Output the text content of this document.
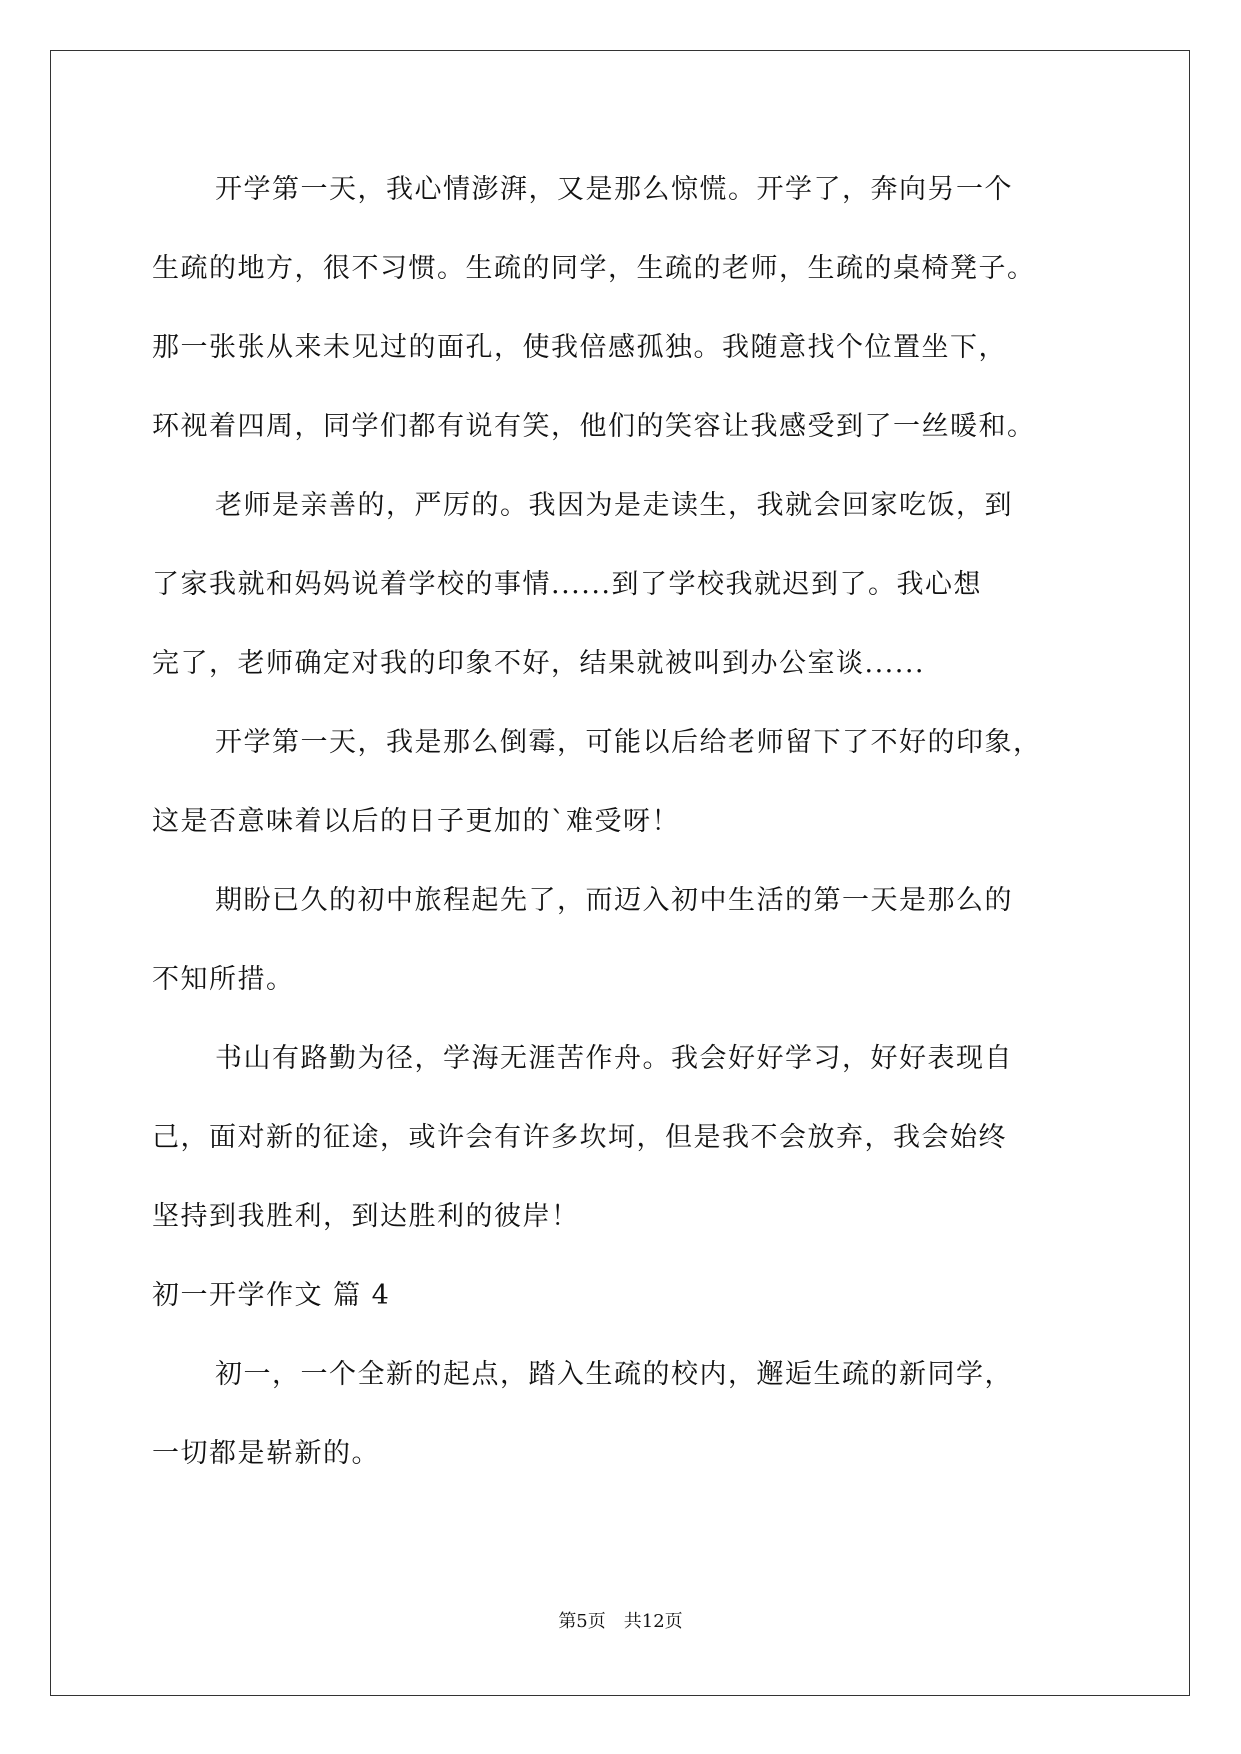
开学第一天，我心情澎湃，又是那么惊慌。开学了，奔向另一个
生疏的地方，很不习惯。生疏的同学，生疏的老师，生疏的桌椅凳子。
那一张张从来未见过的面孔，使我倍感孤独。我随意找个位置坐下，
环视着四周，同学们都有说有笑，他们的笑容让我感受到了一丝暖和。
老师是亲善的，严厉的。我因为是走读生，我就会回家吃饭，到
了家我就和妈妈说着学校的事情......到了学校我就迟到了。我心想
完了，老师确定对我的印象不好，结果就被叫到办公室谈......
开学第一天，我是那么倒霉，可能以后给老师留下了不好的印象，
这是否意味着以后的日子更加的`难受呀！
期盼已久的初中旅程起先了，而迈入初中生活的第一天是那么的
不知所措。
书山有路勤为径，学海无涯苦作舟。我会好好学习，好好表现自
己，面对新的征途，或许会有许多坎坷，但是我不会放弃，我会始终
坚持到我胜利，到达胜利的彼岸！
初一开学作文 篇 4
初一，一个全新的起点，踏入生疏的校内，邂逅生疏的新同学，
一切都是崭新的。
第5页　共12页
